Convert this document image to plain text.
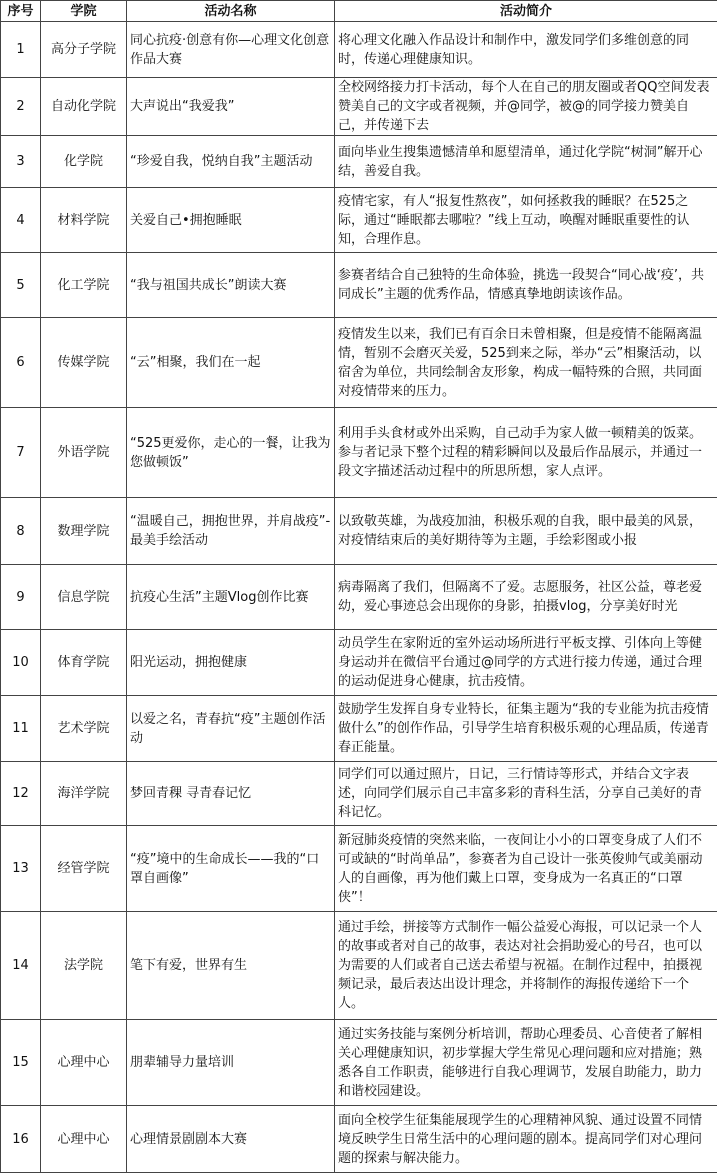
序号	学院	活动名称	活动简介
1	高分子学院	同心抗疫·创意有你—心理文化创意作品大赛	将心理文化融入作品设计和制作中，激发同学们多维创意的同时，传递心理健康知识。
2	自动化学院	大声说出“我爱我”	全校网络接力打卡活动，每个人在自己的朋友圈或者QQ空间发表赞美自己的文字或者视频，并@同学，被@的同学接力赞美自己，并传递下去
3	化学院	“珍爱自我，悦纳自我”主题活动	面向毕业生搜集遗憾清单和愿望清单，通过化学院“树洞”解开心结，善爱自我。
4	材料学院	关爱自己•拥抱睡眠	疫情宅家，有人“报复性熬夜”，如何拯救我的睡眠？在525之际，通过“睡眠都去哪啦？”线上互动，唤醒对睡眠重要性的认知，合理作息。
5	化工学院	“我与祖国共成长”朗读大赛	参赛者结合自己独特的生命体验，挑选一段契合“同心战‘疫’，共同成长”主题的优秀作品，情感真挚地朗读该作品。
6	传媒学院	“云”相聚，我们在一起	疫情发生以来，我们已有百余日未曾相聚，但是疫情不能隔离温情，暂别不会磨灭关爱，525到来之际，举办“云”相聚活动，以宿舍为单位，共同绘制舍友形象，构成一幅特殊的合照，共同面对疫情带来的压力。
7	外语学院	“525更爱你，走心的一餐，让我为您做顿饭”	利用手头食材或外出采购，自己动手为家人做一顿精美的饭菜。参与者记录下整个过程的精彩瞬间以及最后作品展示，并通过一段文字描述活动过程中的所思所想，家人点评。
8	数理学院	“温暖自己，拥抱世界，并肩战疫”-最美手绘活动	以致敬英雄，为战疫加油，积极乐观的自我，眼中最美的风景，对疫情结束后的美好期待等为主题，手绘彩图或小报
9	信息学院	抗疫心生活”主题Vlog创作比赛	病毒隔离了我们，但隔离不了爱。志愿服务，社区公益，尊老爱幼，爱心事迹总会出现你的身影，拍摄vlog，分享美好时光
10	体育学院	阳光运动，拥抱健康	动员学生在家附近的室外运动场所进行平板支撑、引体向上等健身运动并在微信平台通过@同学的方式进行接力传递，通过合理的运动促进身心健康，抗击疫情。
11	艺术学院	以爱之名，青春抗“疫”主题创作活动	鼓励学生发挥自身专业特长，征集主题为“我的专业能为抗击疫情做什么”的创作作品，引导学生培育积极乐观的心理品质，传递青春正能量。
12	海洋学院	梦回青稞 寻青春记忆	同学们可以通过照片，日记，三行情诗等形式，并结合文字表述，向同学们展示自己丰富多彩的青科生活，分享自己美好的青科记忆。
13	经管学院	“疫”境中的生命成长——我的“口罩自画像”	新冠肺炎疫情的突然来临，一夜间让小小的口罩变身成了人们不可或缺的“时尚单品”，参赛者为自己设计一张英俊帅气或美丽动人的自画像，再为他们戴上口罩，变身成为一名真正的“口罩侠”！
14	法学院	笔下有爱，世界有生	通过手绘，拼接等方式制作一幅公益爱心海报，可以记录一个人的故事或者对自己的故事，表达对社会捐助爱心的号召，也可以为需要的人们或者自己送去希望与祝福。在制作过程中，拍摄视频记录，最后表达出设计理念，并将制作的海报传递给下一个人。
15	心理中心	朋辈辅导力量培训	通过实务技能与案例分析培训，帮助心理委员、心音使者了解相关心理健康知识，初步掌握大学生常见心理问题和应对措施；熟悉各自工作职责，能够进行自我心理调节，发展自助能力，助力和谐校园建设。
16	心理中心	心理情景剧剧本大赛	面向全校学生征集能展现学生的心理精神风貌、通过设置不同情境反映学生日常生活中的心理问题的剧本。提高同学们对心理问题的探索与解决能力。
